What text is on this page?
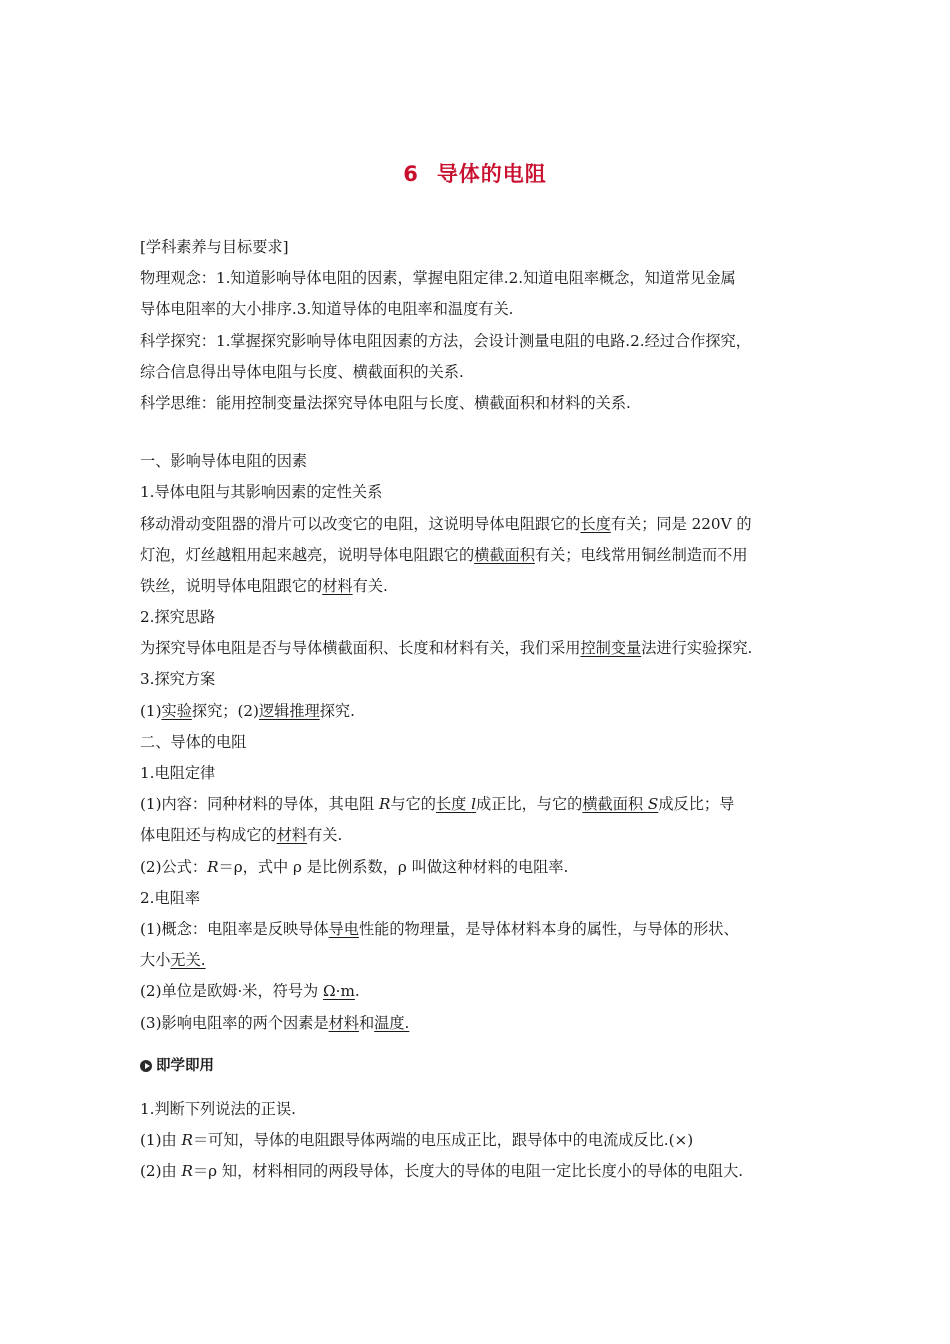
6 导体的电阻
[学科素养与目标要求]
物理观念：1.知道影响导体电阻的因素，掌握电阻定律.2.知道电阻率概念，知道常见金属
导体电阻率的大小排序.3.知道导体的电阻率和温度有关.
科学探究：1.掌握探究影响导体电阻因素的方法，会设计测量电阻的电路.2.经过合作探究，
综合信息得出导体电阻与长度、横截面积的关系.
科学思维：能用控制变量法探究导体电阻与长度、横截面积和材料的关系.
一、影响导体电阻的因素
1.导体电阻与其影响因素的定性关系
移动滑动变阻器的滑片可以改变它的电阻，这说明导体电阻跟它的长度有关；同是 220V 的
灯泡，灯丝越粗用起来越亮，说明导体电阻跟它的横截面积有关；电线常用铜丝制造而不用
铁丝，说明导体电阻跟它的材料有关.
2.探究思路
为探究导体电阻是否与导体横截面积、长度和材料有关，我们采用控制变量法进行实验探究.
3.探究方案
(1)实验探究；(2)逻辑推理探究.
二、导体的电阻
1.电阻定律
(1)内容：同种材料的导体，其电阻 R与它的长度 l成正比，与它的横截面积 S成反比；导
体电阻还与构成它的材料有关.
(2)公式：R＝ρ，式中 ρ 是比例系数，ρ 叫做这种材料的电阻率.
2.电阻率
(1)概念：电阻率是反映导体导电性能的物理量，是导体材料本身的属性，与导体的形状、
大小无关.
(2)单位是欧姆·米，符号为 Ω·m.
(3)影响电阻率的两个因素是材料和温度.
即学即用
1.判断下列说法的正误.
(1)由 R＝可知，导体的电阻跟导体两端的电压成正比，跟导体中的电流成反比.(×)
(2)由 R＝ρ 知，材料相同的两段导体，长度大的导体的电阻一定比长度小的导体的电阻大.
